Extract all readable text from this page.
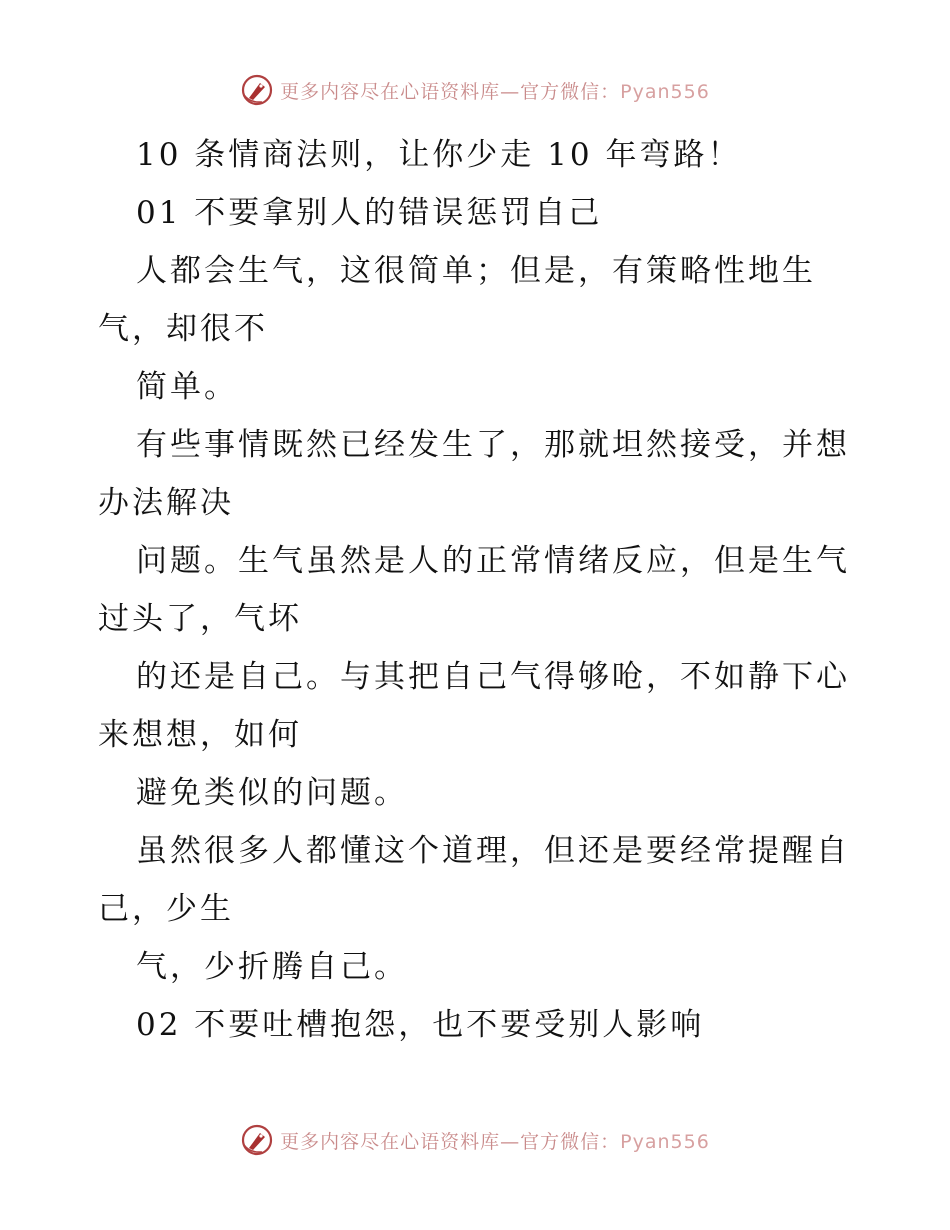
更多内容尽在心语资料库—官方微信：Pyan556
10 条情商法则，让你少走 10 年弯路！
01 不要拿别人的错误惩罚自己
人都会生气，这很简单；但是，有策略性地生
气，却很不
简单。
有些事情既然已经发生了，那就坦然接受，并想
办法解决
问题。生气虽然是人的正常情绪反应，但是生气
过头了，气坏
的还是自己。与其把自己气得够呛，不如静下心
来想想，如何
避免类似的问题。
虽然很多人都懂这个道理，但还是要经常提醒自
己，少生
气，少折腾自己。
02 不要吐槽抱怨，也不要受别人影响
更多内容尽在心语资料库—官方微信：Pyan556
